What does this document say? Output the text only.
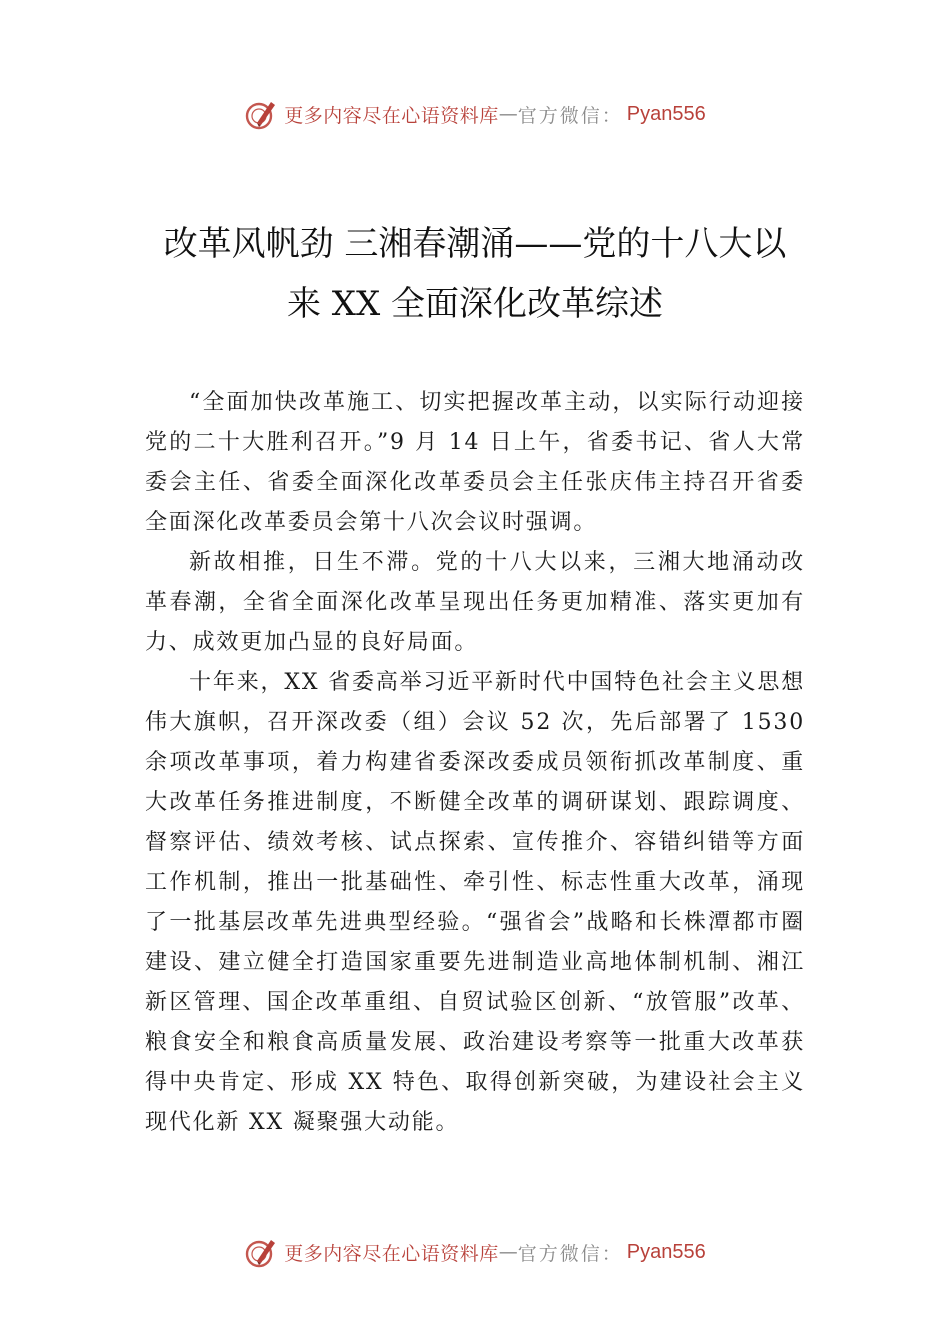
更多内容尽在心语资料库 — 官方微信： Pyan556
改革风帆劲 三湘春潮涌——党的十八大以
来 XX 全面深化改革综述

“全面加快改革施工、切实把握改革主动，以实际行动迎接党的二十大胜利召开。”9 月 14 日上午，省委书记、省人大常委会主任、省委全面深化改革委员会主任张庆伟主持召开省委全面深化改革委员会第十八次会议时强调。

新故相推，日生不滞。党的十八大以来，三湘大地涌动改革春潮，全省全面深化改革呈现出任务更加精准、落实更加有力、成效更加凸显的良好局面。

十年来，XX 省委高举习近平新时代中国特色社会主义思想伟大旗帜，召开深改委（组）会议 52 次，先后部署了 1530 余项改革事项，着力构建省委深改委成员领衔抓改革制度、重大改革任务推进制度，不断健全改革的调研谋划、跟踪调度、督察评估、绩效考核、试点探索、宣传推介、容错纠错等方面工作机制，推出一批基础性、牵引性、标志性重大改革，涌现了一批基层改革先进典型经验。“强省会”战略和长株潭都市圈建设、建立健全打造国家重要先进制造业高地体制机制、湘江新区管理、国企改革重组、自贸试验区创新、“放管服”改革、粮食安全和粮食高质量发展、政治建设考察等一批重大改革获得中央肯定、形成 XX 特色、取得创新突破，为建设社会主义现代化新 XX 凝聚强大动能。

更多内容尽在心语资料库 — 官方微信： Pyan556
